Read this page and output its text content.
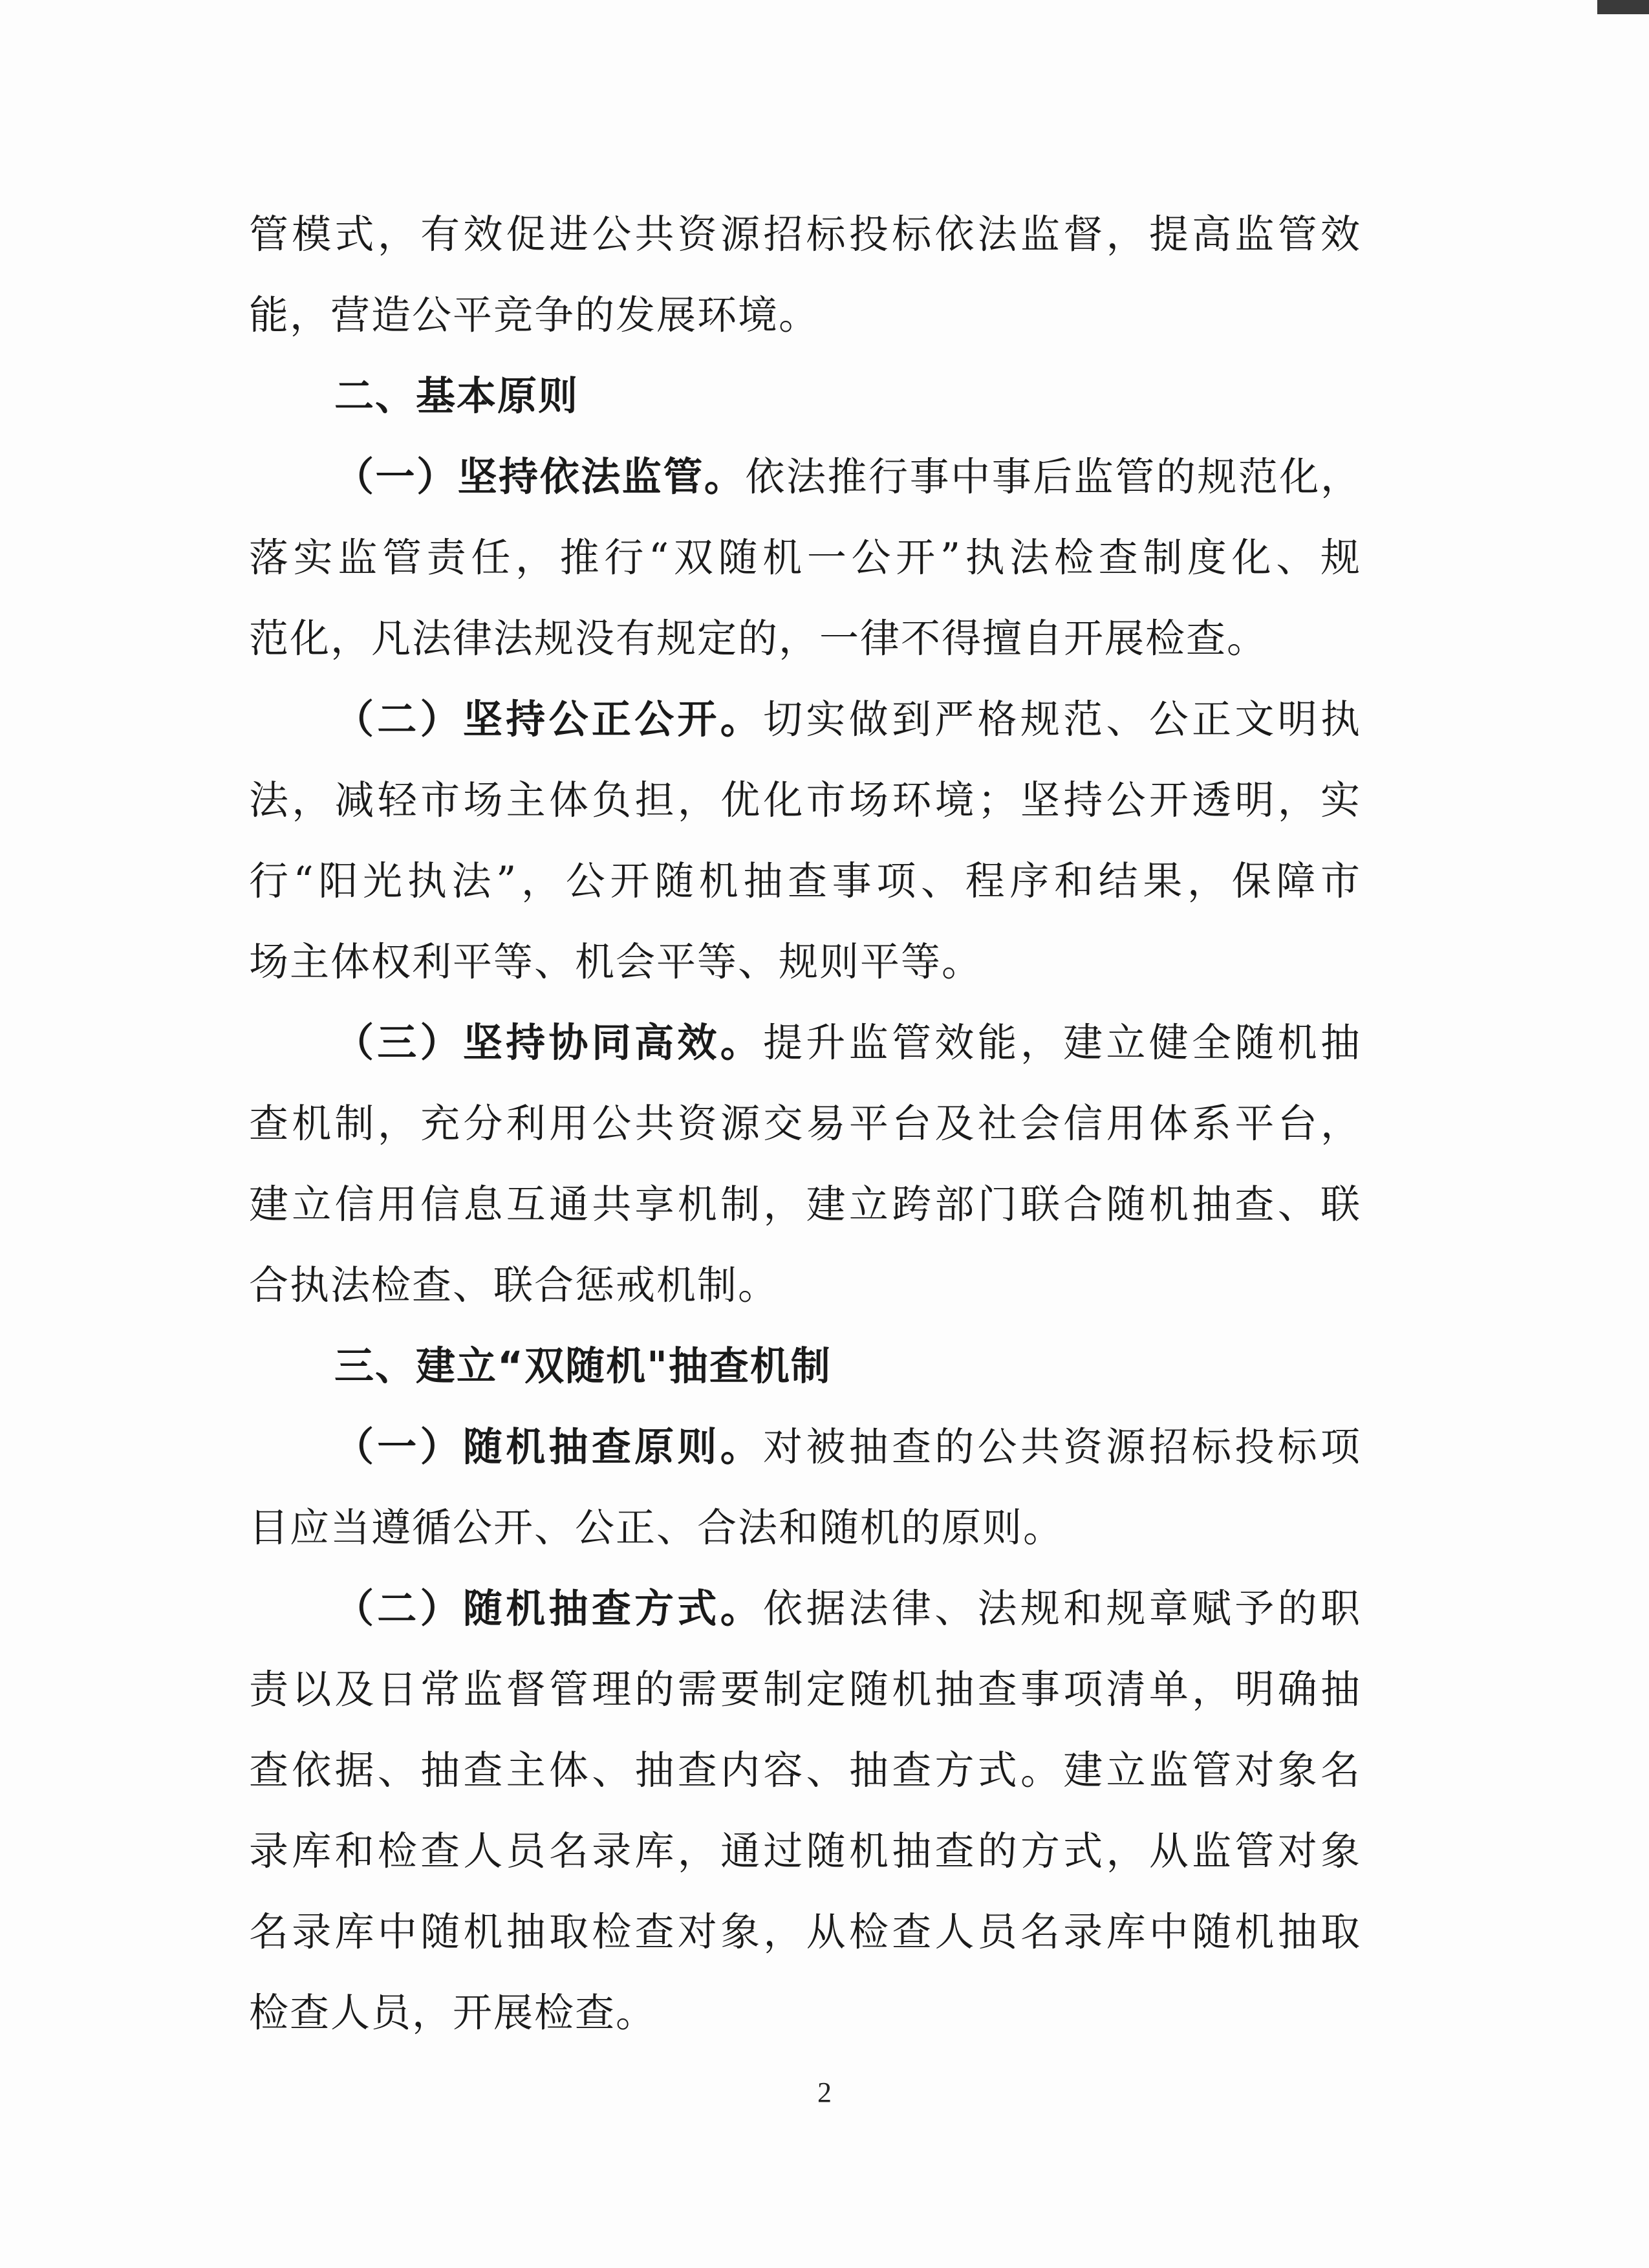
管模式，有效促进公共资源招标投标依法监督，提高监管效
能，营造公平竞争的发展环境。
二、基本原则
（一）坚持依法监管。依法推行事中事后监管的规范化，
落实监管责任，推行“双随机一公开”执法检查制度化、规
范化，凡法律法规没有规定的，一律不得擅自开展检查。
（二）坚持公正公开。切实做到严格规范、公正文明执
法，减轻市场主体负担，优化市场环境；坚持公开透明，实
行“阳光执法”，公开随机抽查事项、程序和结果，保障市
场主体权利平等、机会平等、规则平等。
（三）坚持协同高效。提升监管效能，建立健全随机抽
查机制，充分利用公共资源交易平台及社会信用体系平台，
建立信用信息互通共享机制，建立跨部门联合随机抽查、联
合执法检查、联合惩戒机制。
三、建立“双随机"抽查机制
（一）随机抽查原则。对被抽查的公共资源招标投标项
目应当遵循公开、公正、合法和随机的原则。
（二）随机抽查方式。依据法律、法规和规章赋予的职
责以及日常监督管理的需要制定随机抽查事项清单，明确抽
查依据、抽查主体、抽查内容、抽查方式。建立监管对象名
录库和检查人员名录库，通过随机抽查的方式，从监管对象
名录库中随机抽取检查对象，从检查人员名录库中随机抽取
检查人员，开展检查。
2
